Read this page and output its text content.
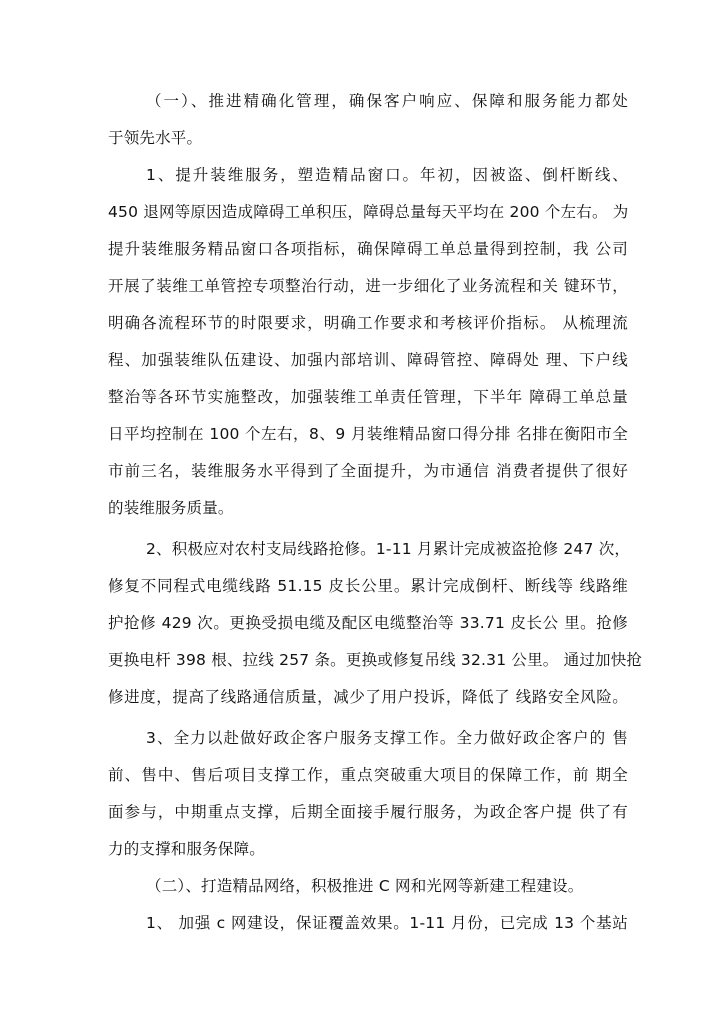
（一）、推进精确化管理，确保客户响应、保障和服务能力都处
于领先水平。
1、提升装维服务，塑造精品窗口。年初，因被盗、倒杆断线、
450 退网等原因造成障碍工单积压，障碍总量每天平均在 200 个左右。 为
提升装维服务精品窗口各项指标，确保障碍工单总量得到控制，我 公司
开展了装维工单管控专项整治行动，进一步细化了业务流程和关 键环节，
明确各流程环节的时限要求，明确工作要求和考核评价指标。 从梳理流
程、加强装维队伍建设、加强内部培训、障碍管控、障碍处 理、下户线
整治等各环节实施整改，加强装维工单责任管理，下半年 障碍工单总量
日平均控制在 100 个左右，8、9 月装维精品窗口得分排 名排在衡阳市全
市前三名，装维服务水平得到了全面提升，为市通信 消费者提供了很好
的装维服务质量。
2、积极应对农村支局线路抢修。1-11 月累计完成被盗抢修 247 次，
修复不同程式电缆线路 51.15 皮长公里。累计完成倒杆、断线等 线路维
护抢修 429 次。更换受损电缆及配区电缆整治等 33.71 皮长公 里。抢修
更换电杆 398 根、拉线 257 条。更换或修复吊线 32.31 公里。 通过加快抢
修进度，提高了线路通信质量，减少了用户投诉，降低了 线路安全风险。
3、全力以赴做好政企客户服务支撑工作。全力做好政企客户的 售
前、售中、售后项目支撑工作，重点突破重大项目的保障工作，前 期全
面参与，中期重点支撑，后期全面接手履行服务，为政企客户提 供了有
力的支撑和服务保障。
（二）、打造精品网络，积极推进 C 网和光网等新建工程建设。
1、 加强 c 网建设，保证覆盖效果。1-11 月份，已完成 13 个基站
